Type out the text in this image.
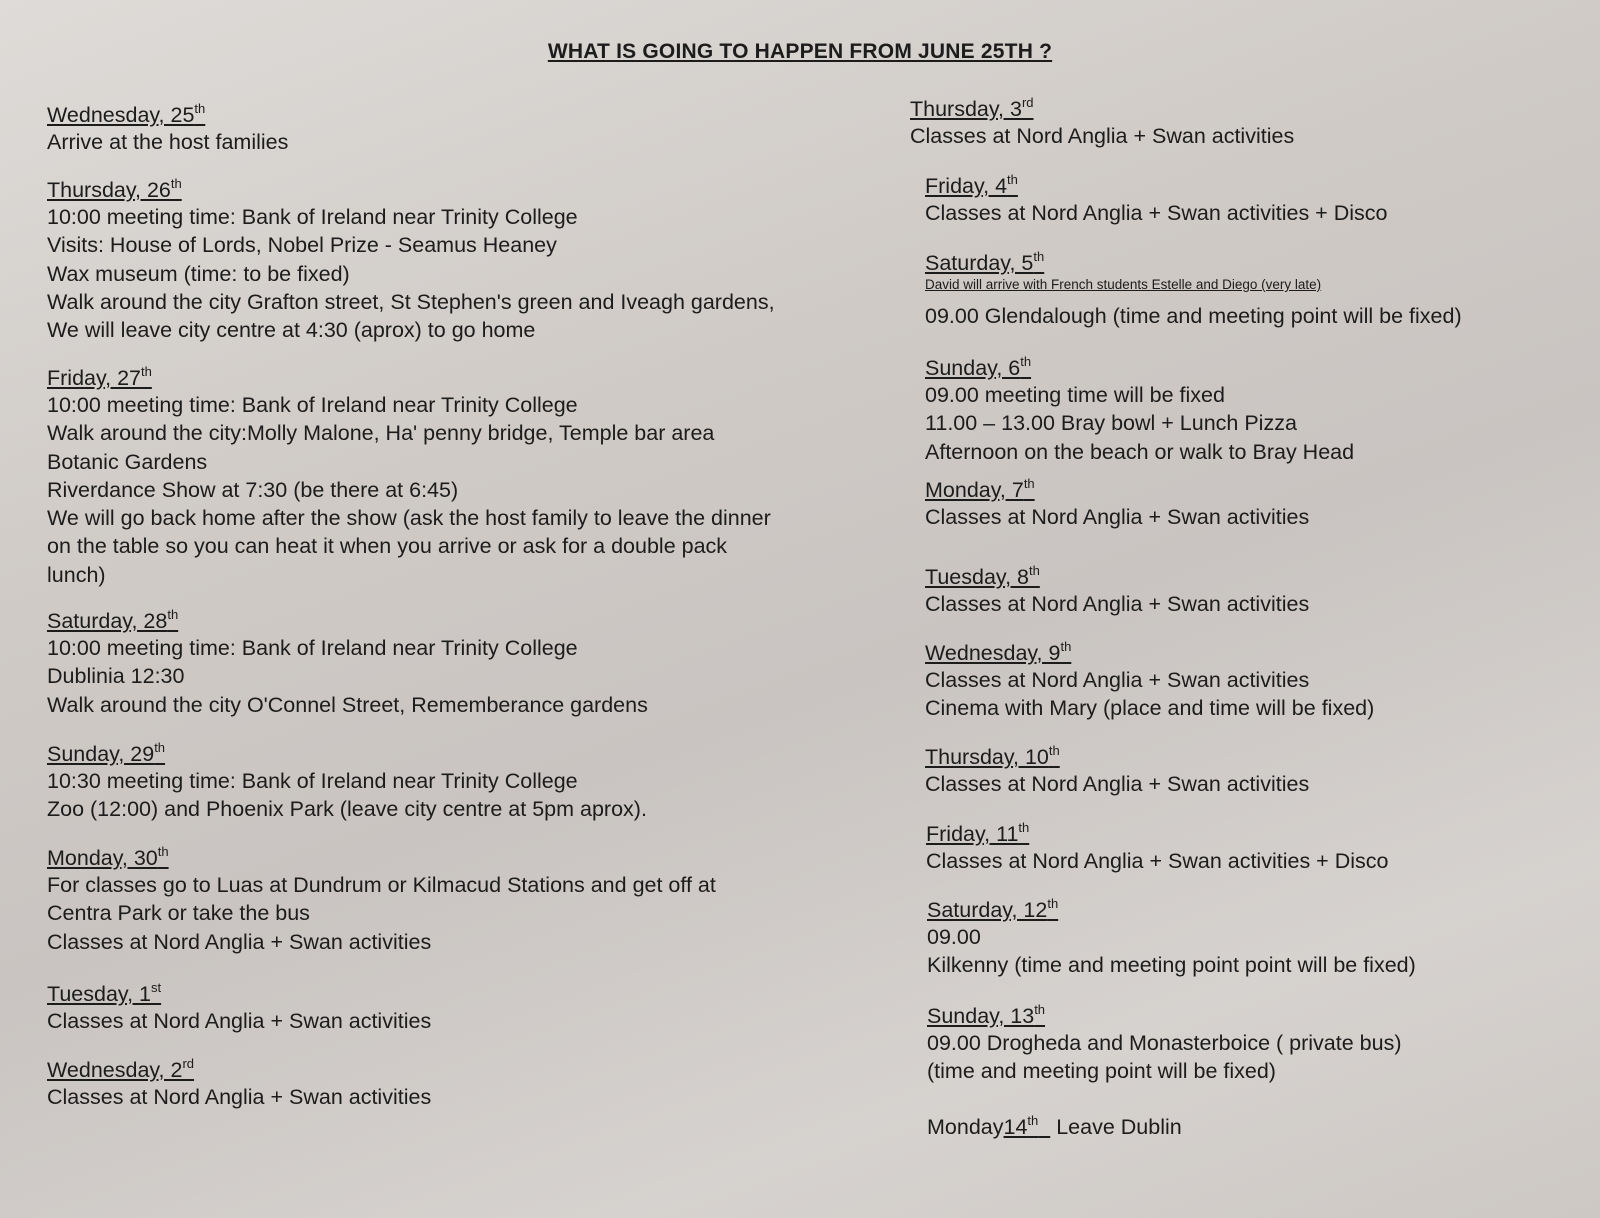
WHAT IS GOING TO HAPPEN FROM JUNE 25TH ?
Wednesday, 25th
Arrive at the host families
Thursday, 26th
10:00 meeting time: Bank of Ireland near Trinity College
Visits: House of Lords, Nobel Prize - Seamus Heaney
Wax museum (time: to be fixed)
Walk around the city Grafton street, St Stephen's green and Iveagh gardens,
We will leave city centre at 4:30 (aprox) to go home
Friday, 27th
10:00 meeting time: Bank of Ireland near Trinity College
Walk around the city:Molly Malone, Ha' penny bridge, Temple bar area
Botanic Gardens
Riverdance Show at 7:30 (be there at 6:45)
We will go back home after the show (ask the host family to leave the dinner
on the table so you can heat it when you arrive or ask for a double pack
lunch)
Saturday, 28th
10:00 meeting time: Bank of Ireland near Trinity College
Dublinia 12:30
Walk around the city O'Connel Street, Rememberance gardens
Sunday, 29th
10:30 meeting time: Bank of Ireland near Trinity College
Zoo (12:00) and Phoenix Park (leave city centre at 5pm aprox).
Monday, 30th
For classes go to Luas at Dundrum or Kilmacud Stations and get off at
Centra Park or take the bus
Classes at Nord Anglia + Swan activities
Tuesday, 1st
Classes at Nord Anglia + Swan activities
Wednesday, 2rd
Classes at Nord Anglia + Swan activities
Thursday, 3rd
Classes at Nord Anglia + Swan activities
Friday, 4th
Classes at Nord Anglia + Swan activities + Disco
Saturday, 5th
David will arrive with French students Estelle and Diego (very late)
09.00 Glendalough (time and meeting point will be fixed)
Sunday, 6th
09.00 meeting time will be fixed
11.00 – 13.00 Bray bowl + Lunch Pizza
Afternoon on the beach or walk to Bray Head
Monday, 7th
Classes at Nord Anglia + Swan activities
Tuesday, 8th
Classes at Nord Anglia + Swan activities
Wednesday, 9th
Classes at Nord Anglia + Swan activities
Cinema with Mary (place and time will be fixed)
Thursday, 10th
Classes at Nord Anglia + Swan activities
Friday, 11th
Classes at Nord Anglia + Swan activities + Disco
Saturday, 12th
09.00
Kilkenny (time and meeting point point will be fixed)
Sunday, 13th
09.00 Drogheda and Monasterboice ( private bus)
(time and meeting point will be fixed)
Monday14th Leave Dublin
